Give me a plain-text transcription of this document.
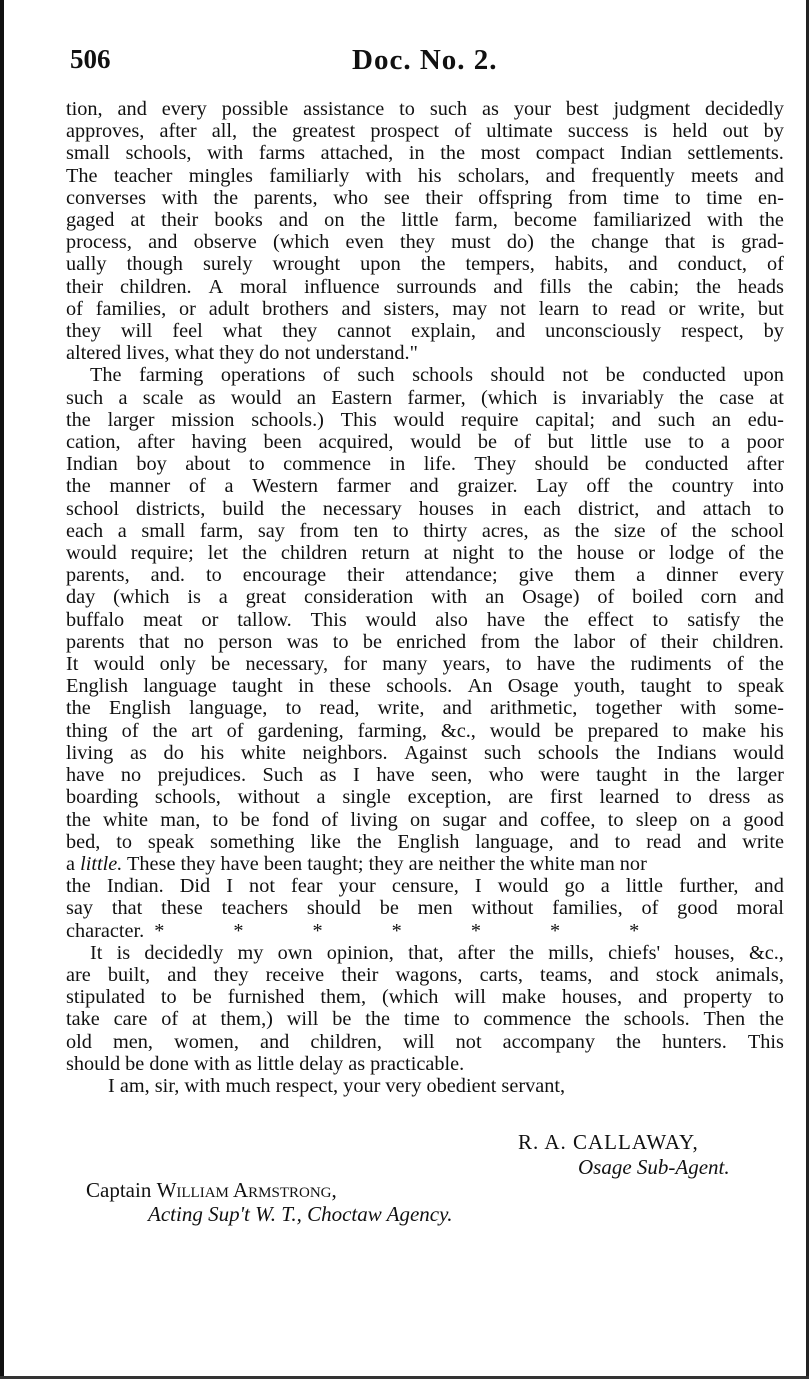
506	Doc. No. 2.
tion, and every possible assistance to such as your best judgment decidedly
approves, after all, the greatest prospect of ultimate success is held out by
small schools, with farms attached, in the most compact Indian settlements.
The teacher mingles familiarly with his scholars, and frequently meets and
converses with the parents, who see their offspring from time to time en-
gaged at their books and on the little farm, become familiarized with the
process, and observe (which even they must do) the change that is grad-
ually though surely wrought upon the tempers, habits, and conduct, of
their children. A moral influence surrounds and fills the cabin; the heads
of families, or adult brothers and sisters, may not learn to read or write, but
they will feel what they cannot explain, and unconsciously respect, by
altered lives, what they do not understand."
The farming operations of such schools should not be conducted upon
such a scale as would an Eastern farmer, (which is invariably the case at
the larger mission schools.) This would require capital; and such an edu-
cation, after having been acquired, would be of but little use to a poor
Indian boy about to commence in life. They should be conducted after
the manner of a Western farmer and graizer. Lay off the country into
school districts, build the necessary houses in each district, and attach to
each a small farm, say from ten to thirty acres, as the size of the school
would require; let the children return at night to the house or lodge of the
parents, and. to encourage their attendance; give them a dinner every
day (which is a great consideration with an Osage) of boiled corn and
buffalo meat or tallow. This would also have the effect to satisfy the
parents that no person was to be enriched from the labor of their children.
It would only be necessary, for many years, to have the rudiments of the
English language taught in these schools. An Osage youth, taught to speak
the English language, to read, write, and arithmetic, together with some-
thing of the art of gardening, farming, &c., would be prepared to make his
living as do his white neighbors. Against such schools the Indians would
have no prejudices. Such as I have seen, who were taught in the larger
boarding schools, without a single exception, are first learned to dress as
the white man, to be fond of living on sugar and coffee, to sleep on a good
bed, to speak something like the English language, and to read and write
a little. These they have been taught; they are neither the white man nor
the Indian. Did I not fear your censure, I would go a little further, and
say that these teachers should be men without families, of good moral
character. *	*	*	*	*	*	*
It is decidedly my own opinion, that, after the mills, chiefs' houses, &c.,
are built, and they receive their wagons, carts, teams, and stock animals,
stipulated to be furnished them, (which will make houses, and property to
take care of at them,) will be the time to commence the schools. Then the
old men, women, and children, will not accompany the hunters. This
should be done with as little delay as practicable.
I am, sir, with much respect, your very obedient servant,
R. A. CALLAWAY,
Osage Sub-Agent.
Captain William Armstrong,
Acting Sup't W. T., Choctaw Agency.
